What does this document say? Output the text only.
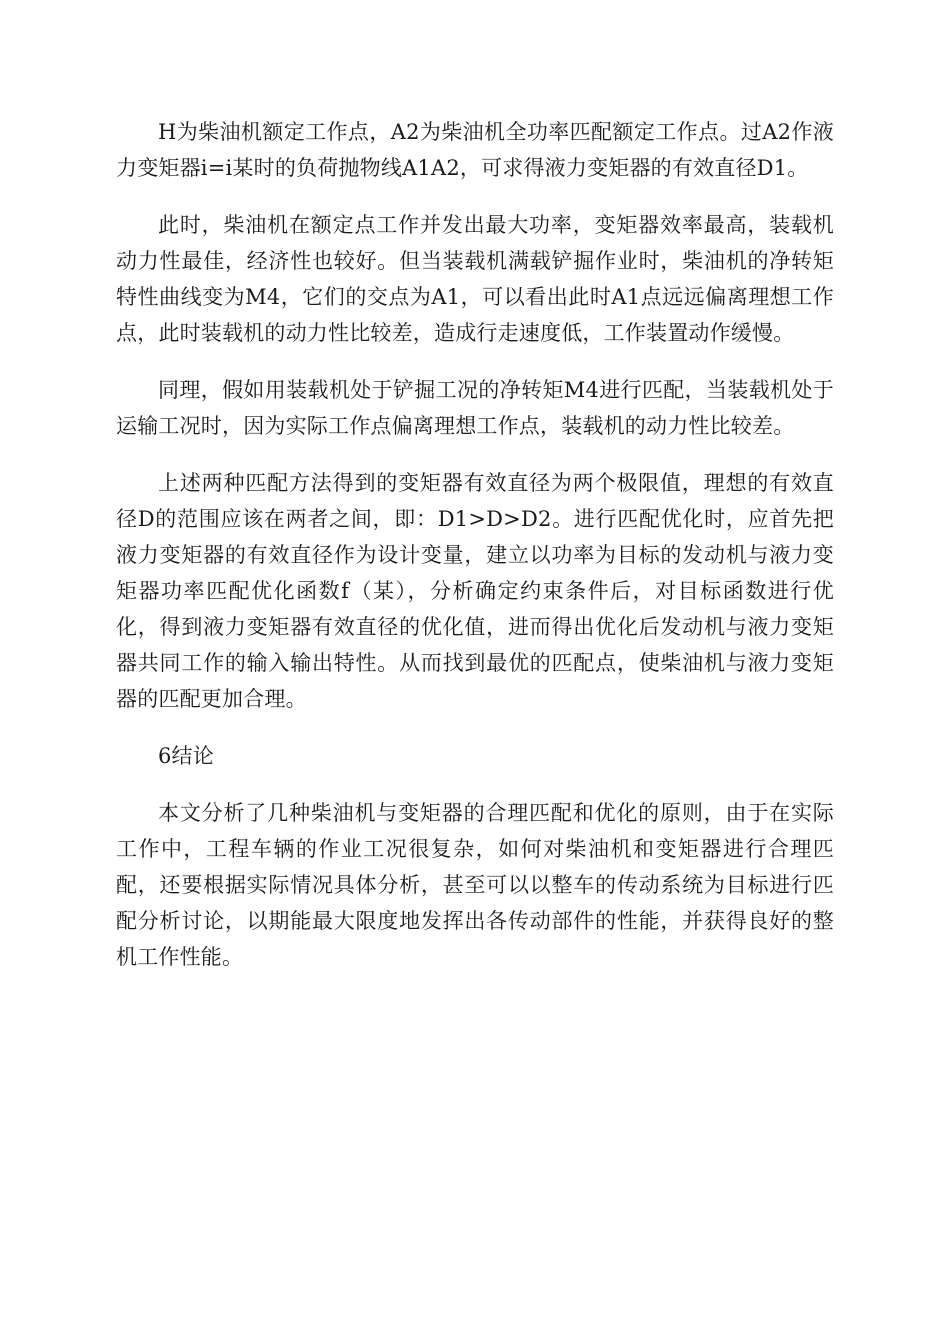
H为柴油机额定工作点，A2为柴油机全功率匹配额定工作点。过A2作液力变矩器i=i某时的负荷抛物线A1A2，可求得液力变矩器的有效直径D1。

此时，柴油机在额定点工作并发出最大功率，变矩器效率最高，装载机动力性最佳，经济性也较好。但当装载机满载铲掘作业时，柴油机的净转矩特性曲线变为M4，它们的交点为A1，可以看出此时A1点远远偏离理想工作点，此时装载机的动力性比较差，造成行走速度低，工作装置动作缓慢。

同理，假如用装载机处于铲掘工况的净转矩M4进行匹配，当装载机处于运输工况时，因为实际工作点偏离理想工作点，装载机的动力性比较差。

上述两种匹配方法得到的变矩器有效直径为两个极限值，理想的有效直径D的范围应该在两者之间，即：D1>D>D2。进行匹配优化时，应首先把液力变矩器的有效直径作为设计变量，建立以功率为目标的发动机与液力变矩器功率匹配优化函数f（某），分析确定约束条件后，对目标函数进行优化，得到液力变矩器有效直径的优化值，进而得出优化后发动机与液力变矩器共同工作的输入输出特性。从而找到最优的匹配点，使柴油机与液力变矩器的匹配更加合理。

6结论

本文分析了几种柴油机与变矩器的合理匹配和优化的原则，由于在实际工作中，工程车辆的作业工况很复杂，如何对柴油机和变矩器进行合理匹配，还要根据实际情况具体分析，甚至可以以整车的传动系统为目标进行匹配分析讨论，以期能最大限度地发挥出各传动部件的性能，并获得良好的整机工作性能。
